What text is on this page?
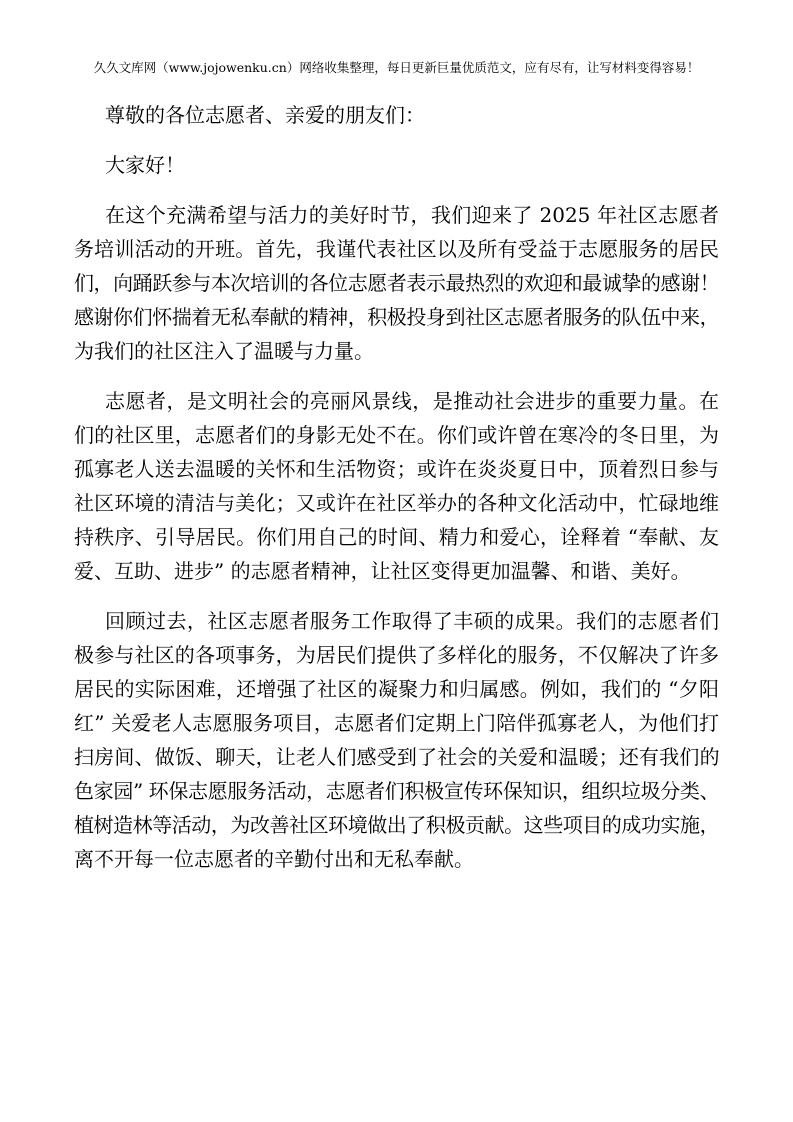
久久文库网（www.jojowenku.cn）网络收集整理，每日更新巨量优质范文，应有尽有，让写材料变得容易！
尊敬的各位志愿者、亲爱的朋友们：
大家好！
在这个充满希望与活力的美好时节，我们迎来了 2025 年社区志愿者
务培训活动的开班。首先，我谨代表社区以及所有受益于志愿服务的居民
们，向踊跃参与本次培训的各位志愿者表示最热烈的欢迎和最诚挚的感谢！
感谢你们怀揣着无私奉献的精神，积极投身到社区志愿者服务的队伍中来，
为我们的社区注入了温暖与力量。
志愿者，是文明社会的亮丽风景线，是推动社会进步的重要力量。在
们的社区里，志愿者们的身影无处不在。你们或许曾在寒冷的冬日里，为
孤寡老人送去温暖的关怀和生活物资；或许在炎炎夏日中，顶着烈日参与
社区环境的清洁与美化；又或许在社区举办的各种文化活动中，忙碌地维
持秩序、引导居民。你们用自己的时间、精力和爱心，诠释着 “奉献、友
爱、互助、进步” 的志愿者精神，让社区变得更加温馨、和谐、美好。
回顾过去，社区志愿者服务工作取得了丰硕的成果。我们的志愿者们
极参与社区的各项事务，为居民们提供了多样化的服务，不仅解决了许多
居民的实际困难，还增强了社区的凝聚力和归属感。例如，我们的 “夕阳
红” 关爱老人志愿服务项目，志愿者们定期上门陪伴孤寡老人，为他们打
扫房间、做饭、聊天，让老人们感受到了社会的关爱和温暖；还有我们的
色家园” 环保志愿服务活动，志愿者们积极宣传环保知识，组织垃圾分类、
植树造林等活动，为改善社区环境做出了积极贡献。这些项目的成功实施，
离不开每一位志愿者的辛勤付出和无私奉献。
